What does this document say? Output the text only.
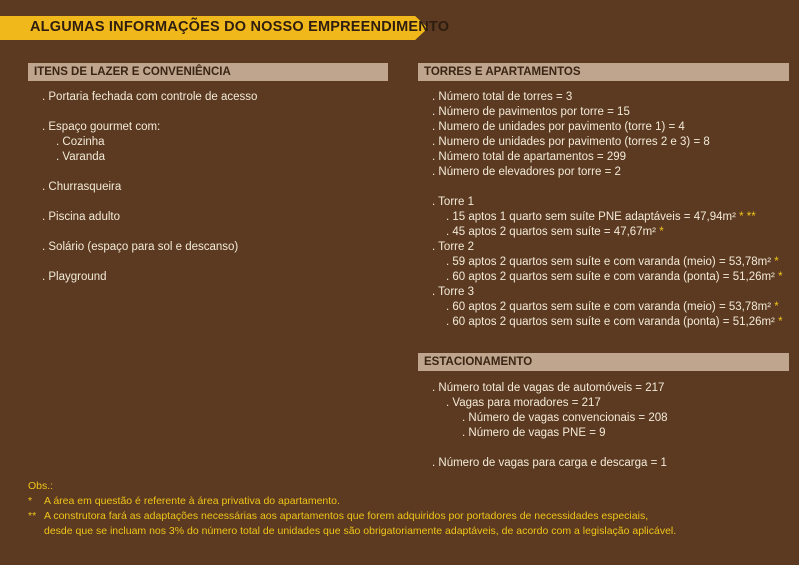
ALGUMAS INFORMAÇÕES DO NOSSO EMPREENDIMENTO
ITENS DE LAZER E CONVENIÊNCIA
. Portaria fechada com controle de acesso
. Espaço gourmet com:
. Cozinha
. Varanda
. Churrasqueira
. Piscina adulto
. Solário (espaço para sol e descanso)
. Playground
TORRES E APARTAMENTOS
. Número total de torres = 3
. Número de pavimentos por torre = 15
. Numero de unidades por pavimento (torre 1) = 4
. Numero de unidades por pavimento (torres 2 e 3) = 8
. Número total de apartamentos = 299
. Número de elevadores por torre = 2
. Torre 1
. 15 aptos 1 quarto sem suíte PNE adaptáveis = 47,94m² * **
. 45 aptos 2 quartos sem suíte = 47,67m² *
. Torre 2
. 59 aptos 2 quartos sem suíte e com varanda (meio) = 53,78m² *
. 60 aptos 2 quartos sem suíte e com varanda (ponta) = 51,26m² *
. Torre 3
. 60 aptos 2 quartos sem suíte e com varanda (meio) = 53,78m² *
. 60 aptos 2 quartos sem suíte e com varanda (ponta) = 51,26m² *
ESTACIONAMENTO
. Número total de vagas de automóveis = 217
. Vagas para moradores = 217
. Número de vagas convencionais = 208
. Número de vagas PNE = 9
. Número de vagas para carga e descarga = 1
Obs.:
* A área em questão é referente à área privativa do apartamento.
** A construtora fará as adaptações necessárias aos apartamentos que forem adquiridos por portadores de necessidades especiais,
desde que se incluam nos 3% do número total de unidades que são obrigatoriamente adaptáveis, de acordo com a legislação aplicável.
